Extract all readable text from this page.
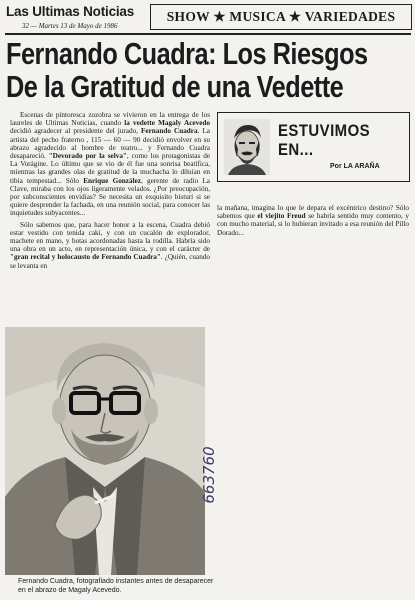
Las Ultimas Noticias
32 — Martes 13 de Mayo de 1986
SHOW ★ MUSICA ★ VARIEDADES
Fernando Cuadra: Los Riesgos
De la Gratitud de una Vedette

Escenas de pintoresca zozobra se vivieron en la entrega de los laureles de Ultimas Noticias, cuando la vedette Magaly Acevedo decidió agradecer al presidente del jurado, Fernando Cuadra. La artista del pecho fraterno , 115 — 60 — 90 decidió envolver en su abrazo agradecido al hombre de teatro... y Fernando Cuadra desapareció. "Devorado por la selva", como los protagonistas de La Vorágine. Lo último que se vio de él fue una sonrisa beatífica, mientras las grandes olas de gratitud de la muchacha lo diluían en tibia tempestad... Sólo Enrique González, gerente de radio La Clave, miraba con los ojos ligeramente velados. ¿Por preocupación, por subconscientes envidias? Se necesita un exquisito bisturí si se quiere desprender la fachada, en una reunión social, para conocer las inquietudes subyacentes...

Sólo sabemos que, para hacer honor a la escena, Cuadra debió estar vestido con tenida caki, y con un cucalón de explorador, machete en mano, y botas acordonadas hasta la rodilla. Habría sido una obra en un acto, en representación única, y con el carácter de "gran recital y holocausto de Fernando Cuadra". ¿Quién, cuando se levanta en

ESTUVIMOS
EN...
Por LA ARAÑA

la mañana, imagina lo que le depara el excéntrico destino? Sólo sabemos que el viejito Freud se habría sentido muy contento, y con mucho material, si lo hubieran invitado a esa reunión del Pillo Dorado...

Fernando Cuadra, fotografiado instantes antes de desaparecer en el abrazo de Magaly Acevedo.
663760
